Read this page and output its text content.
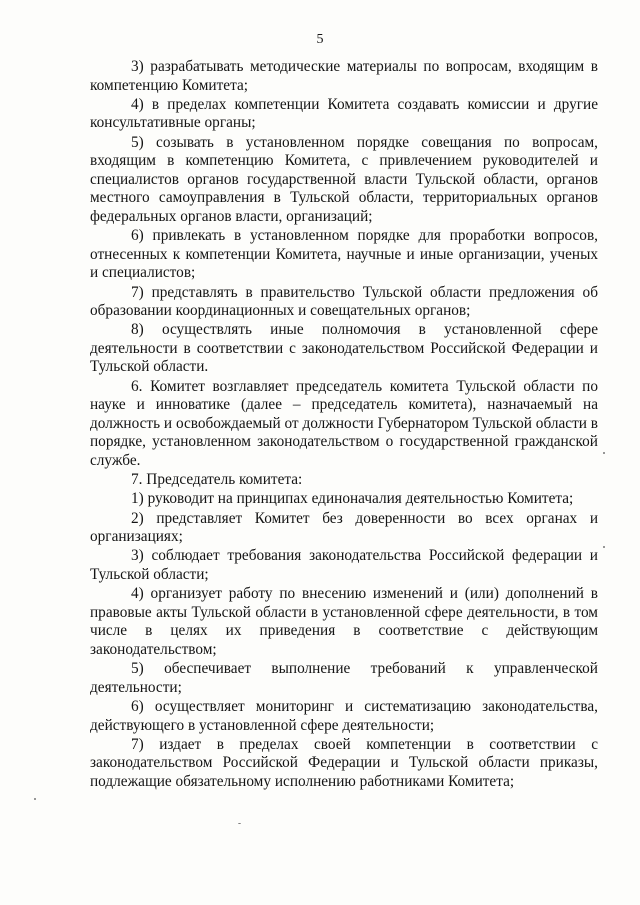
5

3) разрабатывать методические материалы по вопросам, входящим в компетенцию Комитета;

4) в пределах компетенции Комитета создавать комиссии и другие консультативные органы;

5) созывать в установленном порядке совещания по вопросам, входящим в компетенцию Комитета, с привлечением руководителей и специалистов органов государственной власти Тульской области, органов местного самоуправления в Тульской области, территориальных органов федеральных органов власти, организаций;

6) привлекать в установленном порядке для проработки вопросов, отнесенных к компетенции Комитета, научные и иные организации, ученых и специалистов;

7) представлять в правительство Тульской области предложения об образовании координационных и совещательных органов;

8) осуществлять иные полномочия в установленной сфере деятельности в соответствии с законодательством Российской Федерации и Тульской области.

6. Комитет возглавляет председатель комитета Тульской области по науке и инноватике (далее – председатель комитета), назначаемый на должность и освобождаемый от должности Губернатором Тульской области в порядке, установленном законодательством о государственной гражданской службе.

7. Председатель комитета:

1) руководит на принципах единоначалия деятельностью Комитета;

2) представляет Комитет без доверенности во всех органах и организациях;

3) соблюдает требования законодательства Российской федерации и Тульской области;

4) организует работу по внесению изменений и (или) дополнений в правовые акты Тульской области в установленной сфере деятельности, в том числе в целях их приведения в соответствие с действующим законодательством;

5) обеспечивает выполнение требований к управленческой деятельности;

6) осуществляет мониторинг и систематизацию законодательства, действующего в установленной сфере деятельности;

7) издает в пределах своей компетенции в соответствии с законодательством Российской Федерации и Тульской области приказы, подлежащие обязательному исполнению работниками Комитета;
